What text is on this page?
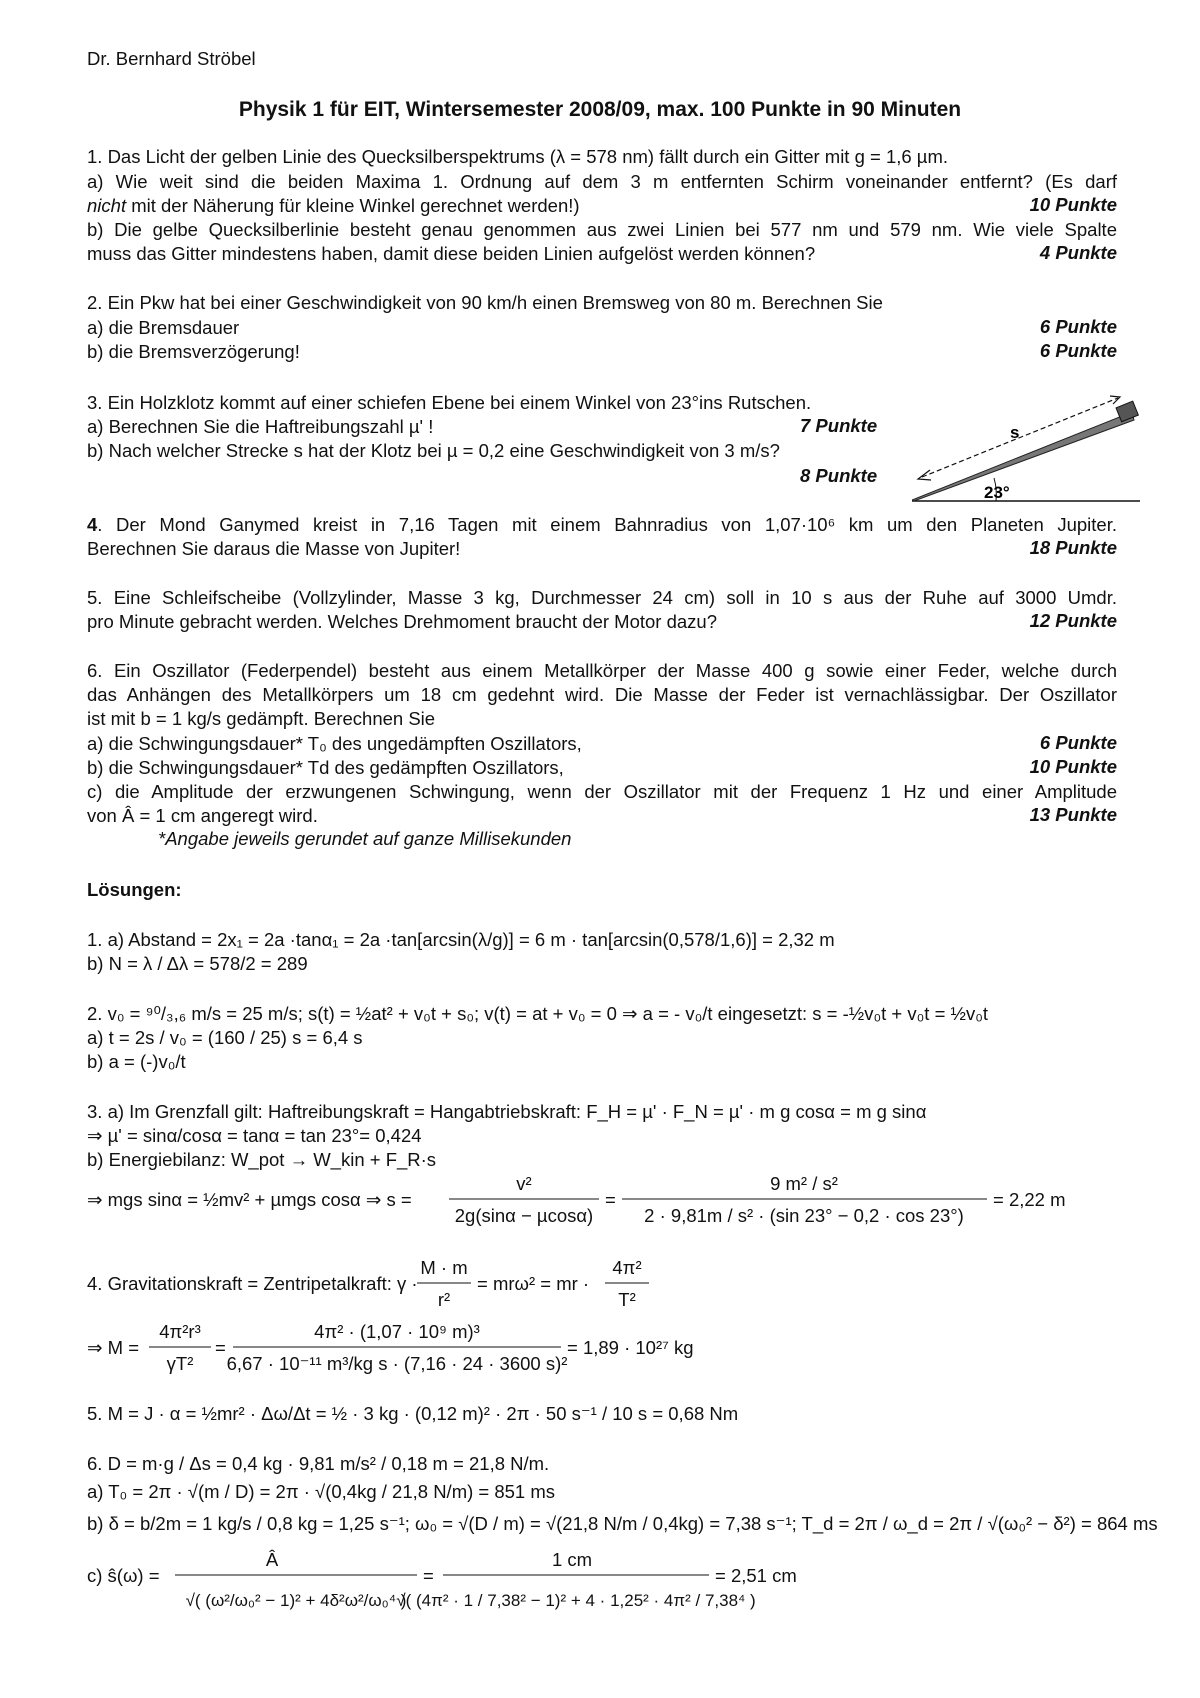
Dr. Bernhard Ströbel
Physik 1 für EIT, Wintersemester 2008/09, max. 100 Punkte in 90 Minuten
1. Das Licht der gelben Linie des Quecksilberspektrums (λ = 578 nm) fällt durch ein Gitter mit g = 1,6 µm.
a) Wie weit sind die beiden Maxima 1. Ordnung auf dem 3 m entfernten Schirm voneinander entfernt? (Es darf
nicht mit der Näherung für kleine Winkel gerechnet werden!)	10 Punkte
b) Die gelbe Quecksilberlinie besteht genau genommen aus zwei Linien bei 577 nm und 579 nm. Wie viele Spalte
muss das Gitter mindestens haben, damit diese beiden Linien aufgelöst werden können?	4 Punkte
2. Ein Pkw hat bei einer Geschwindigkeit von 90 km/h einen Bremsweg von 80 m. Berechnen Sie
a) die Bremsdauer	6 Punkte
b) die Bremsverzögerung!	6 Punkte
3. Ein Holzklotz kommt auf einer schiefen Ebene bei einem Winkel von 23°ins Rutschen.
a) Berechnen Sie die Haftreibungszahl µ' !	7 Punkte
b) Nach welcher Strecke s hat der Klotz bei µ = 0,2 eine Geschwindigkeit von 3 m/s?
8 Punkte
s
23°
4. Der Mond Ganymed kreist in 7,16 Tagen mit einem Bahnradius von 1,07·10⁶ km um den Planeten Jupiter.
Berechnen Sie daraus die Masse von Jupiter!	18 Punkte
5. Eine Schleifscheibe (Vollzylinder, Masse 3 kg, Durchmesser 24 cm) soll in 10 s aus der Ruhe auf 3000 Umdr.
pro Minute gebracht werden. Welches Drehmoment braucht der Motor dazu?	12 Punkte
6. Ein Oszillator (Federpendel) besteht aus einem Metallkörper der Masse 400 g sowie einer Feder, welche durch
das Anhängen des Metallkörpers um 18 cm gedehnt wird. Die Masse der Feder ist vernachlässigbar. Der Oszillator
ist mit b = 1 kg/s gedämpft. Berechnen Sie
a) die Schwingungsdauer* T₀ des ungedämpften Oszillators,	6 Punkte
b) die Schwingungsdauer* Td des gedämpften Oszillators,	10 Punkte
c) die Amplitude der erzwungenen Schwingung, wenn der Oszillator mit der Frequenz 1 Hz und einer Amplitude
von Â = 1 cm angeregt wird.	13 Punkte
*Angabe jeweils gerundet auf ganze Millisekunden
Lösungen:
1. a) Abstand = 2x₁ = 2a ·tanα₁ = 2a ·tan[arcsin(λ/g)] = 6 m · tan[arcsin(0,578/1,6)] = 2,32 m
b) N = λ / Δλ = 578/2 = 289
2. v₀ = ⁹⁰/₃,₆ m/s = 25 m/s; s(t) = ½at² + v₀t + s₀; v(t) = at + v₀ = 0 ⇒ a = - v₀/t eingesetzt: s = -½v₀t + v₀t = ½v₀t
a) t = 2s / v₀ = (160 / 25) s = 6,4 s
b) a = (-)v₀/t
3. a) Im Grenzfall gilt: Haftreibungskraft = Hangabtriebskraft: F_H = µ' · F_N = µ' · m g cosα = m g sinα
⇒ µ' = sinα/cosα = tanα = tan 23°= 0,424
b) Energiebilanz: W_pot → W_kin + F_R·s
⇒ mgs sinα = ½mv² + µmgs cosα ⇒ s =
v²
2g(sinα − µcosα)
=
9 m² / s²
2 · 9,81m / s² · (sin 23° − 0,2 · cos 23°)
= 2,22 m
4. Gravitationskraft = Zentripetalkraft: γ ·
M · m
r²
= mrω² = mr ·
4π²
T²
⇒ M =
4π²r³
γT²
=
4π² · (1,07 · 10⁹ m)³
6,67 · 10⁻¹¹ m³/kg s · (7,16 · 24 · 3600 s)²
= 1,89 · 10²⁷ kg
5. M = J · α = ½mr² · Δω/Δt = ½ · 3 kg · (0,12 m)² · 2π · 50 s⁻¹ / 10 s = 0,68 Nm
6. D = m·g / Δs = 0,4 kg · 9,81 m/s² / 0,18 m = 21,8 N/m.
a) T₀ = 2π · √(m / D) = 2π · √(0,4kg / 21,8 N/m) = 851 ms
b) δ = b/2m = 1 kg/s / 0,8 kg = 1,25 s⁻¹; ω₀ = √(D / m) = √(21,8 N/m / 0,4kg) = 7,38 s⁻¹; T_d = 2π / ω_d = 2π / √(ω₀² − δ²) = 864 ms
c) ŝ(ω) =
Â
√( (ω²/ω₀² − 1)² + 4δ²ω²/ω₀⁴ )
=
1 cm
√( (4π² · 1 / 7,38² − 1)² + 4 · 1,25² · 4π² / 7,38⁴ )
= 2,51 cm
